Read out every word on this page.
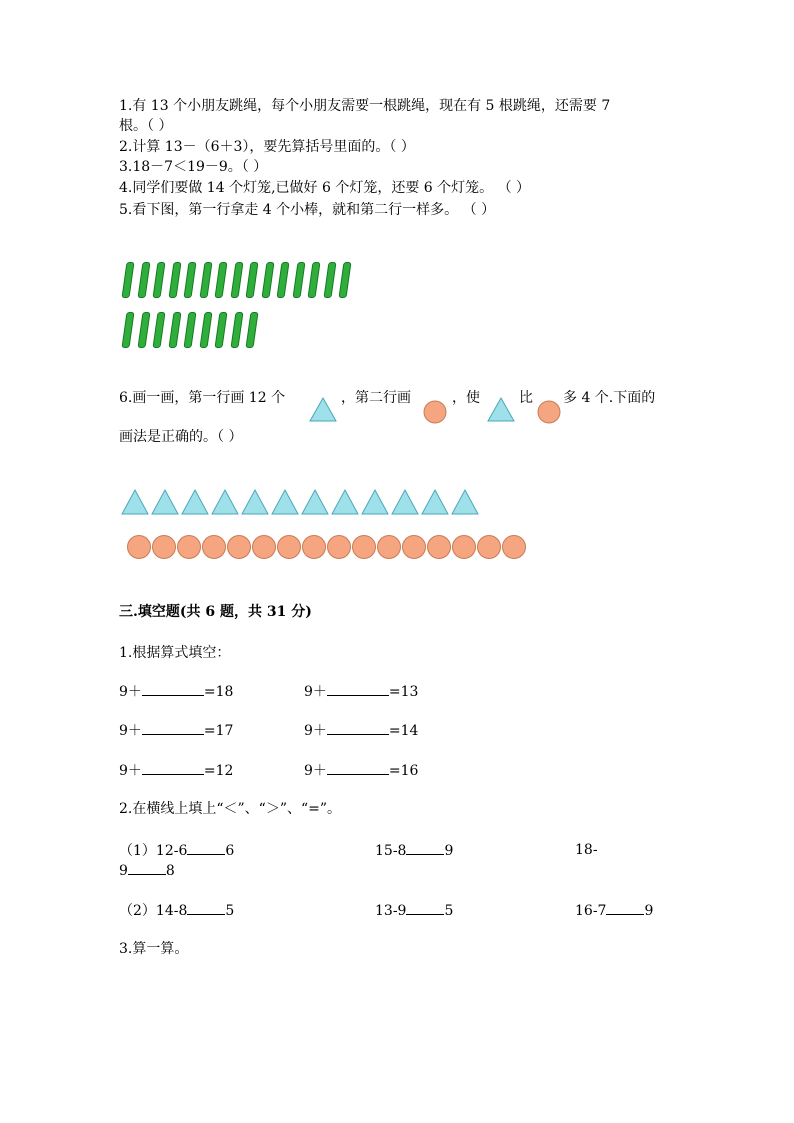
1.有 13 个小朋友跳绳，每个小朋友需要一根跳绳，现在有 5 根跳绳，还需要 7
根。（ ）
2.计算 13－（6＋3），要先算括号里面的。（ ）
3.18－7＜19－9。（ ）
4.同学们要做 14 个灯笼,已做好 6 个灯笼，还要 6 个灯笼。 （ ）
5.看下图，第一行拿走 4 个小棒，就和第二行一样多。 （ ）
6.画一画，第一行画 12 个	，第二行画	，使	比 多 4 个.下面的
画法是正确的。（ ）
三.填空题(共 6 题，共 31 分)
1.根据算式填空：
9＋	=18	9＋	=13
9＋	=17	9＋	=14
9＋	=12	9＋	=16
2.在横线上填上“＜”、“＞”、“=”。
（1）12-6	6	15-8	9	18-
9	8
（2）14-8	5	13-9	5	16-7	9
3.算一算。
